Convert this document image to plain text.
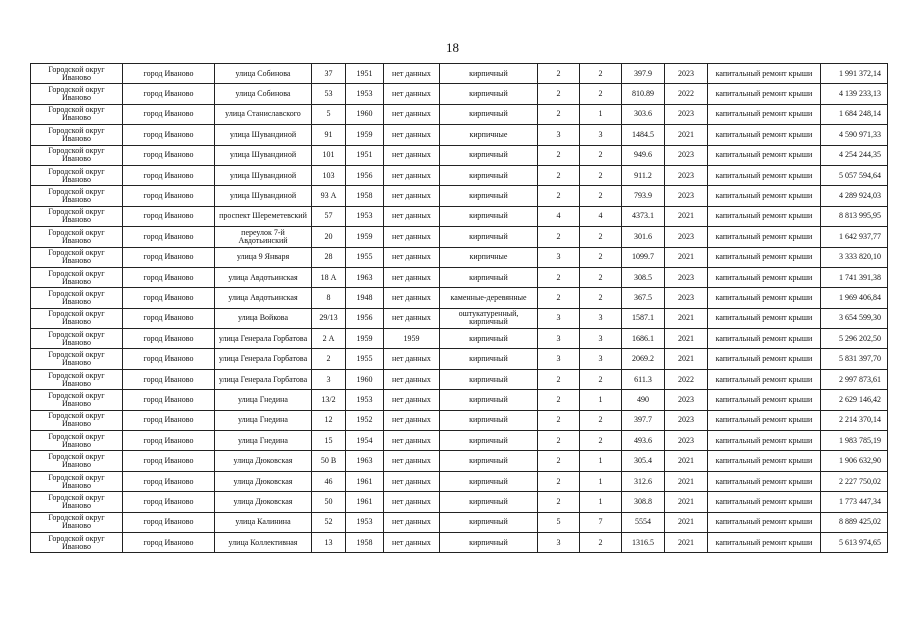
18
Городской округ Иваново	город Иваново	улица Собинова	37	1951	нет данных	кирпичный	2	2	397.9	2023	капитальный ремонт крыши	1 991 372,14
Городской округ Иваново	город Иваново	улица Собинова	53	1953	нет данных	кирпичный	2	2	810.89	2022	капитальный ремонт крыши	4 139 233,13
Городской округ Иваново	город Иваново	улица Станиславского	5	1960	нет данных	кирпичный	2	1	303.6	2023	капитальный ремонт крыши	1 684 248,14
Городской округ Иваново	город Иваново	улица Шувандиной	91	1959	нет данных	кирпичные	3	3	1484.5	2021	капитальный ремонт крыши	4 590 971,33
Городской округ Иваново	город Иваново	улица Шувандиной	101	1951	нет данных	кирпичный	2	2	949.6	2023	капитальный ремонт крыши	4 254 244,35
Городской округ Иваново	город Иваново	улица Шувандиной	103	1956	нет данных	кирпичный	2	2	911.2	2023	капитальный ремонт крыши	5 057 594,64
Городской округ Иваново	город Иваново	улица Шувандиной	93 А	1958	нет данных	кирпичный	2	2	793.9	2023	капитальный ремонт крыши	4 289 924,03
Городской округ Иваново	город Иваново	проспект Шереметевский	57	1953	нет данных	кирпичный	4	4	4373.1	2021	капитальный ремонт крыши	8 813 995,95
Городской округ Иваново	город Иваново	переулок 7-й Авдотьинский	20	1959	нет данных	кирпичный	2	2	301.6	2023	капитальный ремонт крыши	1 642 937,77
Городской округ Иваново	город Иваново	улица 9 Января	28	1955	нет данных	кирпичные	3	2	1099.7	2021	капитальный ремонт крыши	3 333 820,10
Городской округ Иваново	город Иваново	улица Авдотьинская	18 А	1963	нет данных	кирпичный	2	2	308.5	2023	капитальный ремонт крыши	1 741 391,38
Городской округ Иваново	город Иваново	улица Авдотьинская	8	1948	нет данных	каменные-деревянные	2	2	367.5	2023	капитальный ремонт крыши	1 969 406,84
Городской округ Иваново	город Иваново	улица Войкова	29/13	1956	нет данных	оштукатуренный, кирпичный	3	3	1587.1	2021	капитальный ремонт крыши	3 654 599,30
Городской округ Иваново	город Иваново	улица Генерала Горбатова	2 А	1959	1959	кирпичный	3	3	1686.1	2021	капитальный ремонт крыши	5 296 202,50
Городской округ Иваново	город Иваново	улица Генерала Горбатова	2	1955	нет данных	кирпичный	3	3	2069.2	2021	капитальный ремонт крыши	5 831 397,70
Городской округ Иваново	город Иваново	улица Генерала Горбатова	3	1960	нет данных	кирпичный	2	2	611.3	2022	капитальный ремонт крыши	2 997 873,61
Городской округ Иваново	город Иваново	улица Гнедина	13/2	1953	нет данных	кирпичный	2	1	490	2023	капитальный ремонт крыши	2 629 146,42
Городской округ Иваново	город Иваново	улица Гнедина	12	1952	нет данных	кирпичный	2	2	397.7	2023	капитальный ремонт крыши	2 214 370,14
Городской округ Иваново	город Иваново	улица Гнедина	15	1954	нет данных	кирпичный	2	2	493.6	2023	капитальный ремонт крыши	1 983 785,19
Городской округ Иваново	город Иваново	улица Дюковская	50 В	1963	нет данных	кирпичный	2	1	305.4	2021	капитальный ремонт крыши	1 906 632,90
Городской округ Иваново	город Иваново	улица Дюковская	46	1961	нет данных	кирпичный	2	1	312.6	2021	капитальный ремонт крыши	2 227 750,02
Городской округ Иваново	город Иваново	улица Дюковская	50	1961	нет данных	кирпичный	2	1	308.8	2021	капитальный ремонт крыши	1 773 447,34
Городской округ Иваново	город Иваново	улица Калинина	52	1953	нет данных	кирпичный	5	7	5554	2021	капитальный ремонт крыши	8 889 425,02
Городской округ Иваново	город Иваново	улица Коллективная	13	1958	нет данных	кирпичный	3	2	1316.5	2021	капитальный ремонт крыши	5 613 974,65
